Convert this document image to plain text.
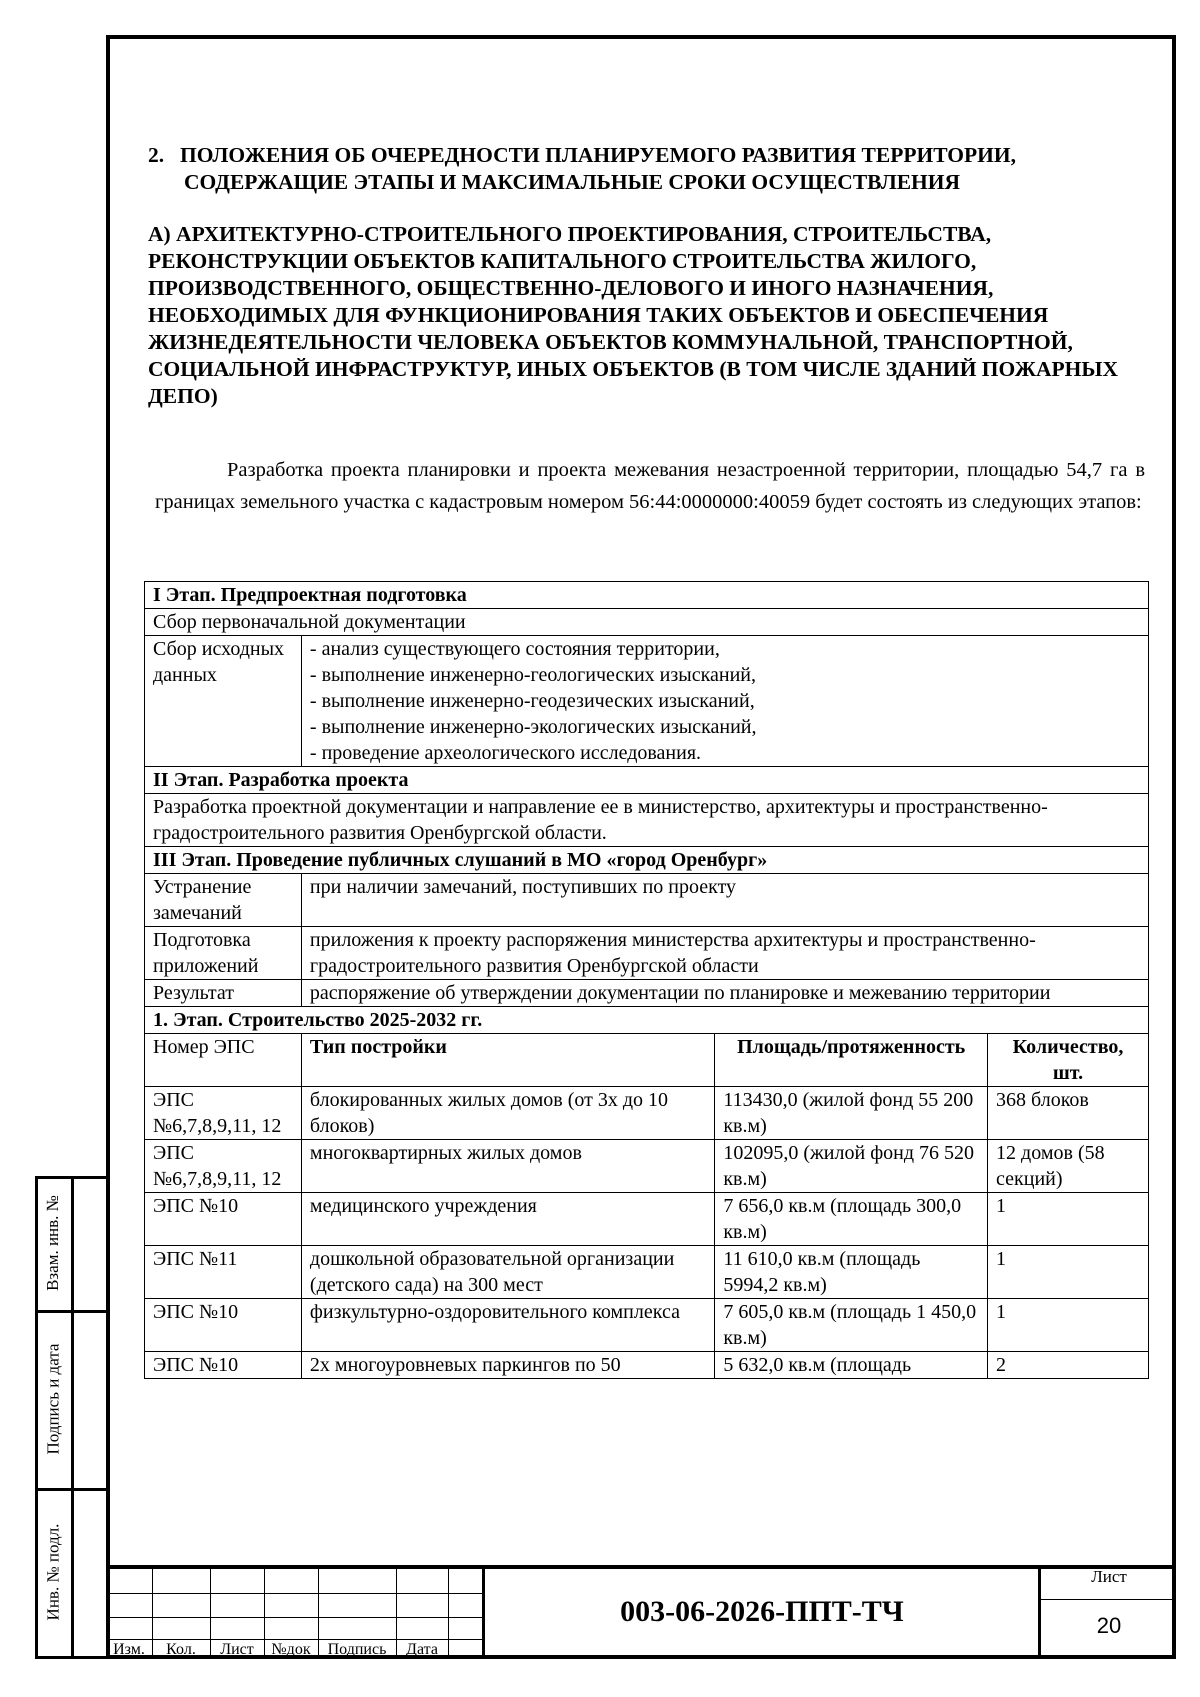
Взам. инв. №
Подпись и дата
Инв. № подл.
2. ПОЛОЖЕНИЯ ОБ ОЧЕРЕДНОСТИ ПЛАНИРУЕМОГО РАЗВИТИЯ ТЕРРИТОРИИ,
СОДЕРЖАЩИЕ ЭТАПЫ И МАКСИМАЛЬНЫЕ СРОКИ ОСУЩЕСТВЛЕНИЯ
А) АРХИТЕКТУРНО-СТРОИТЕЛЬНОГО ПРОЕКТИРОВАНИЯ, СТРОИТЕЛЬСТВА, РЕКОНСТРУКЦИИ ОБЪЕКТОВ КАПИТАЛЬНОГО СТРОИТЕЛЬСТВА ЖИЛОГО, ПРОИЗВОДСТВЕННОГО, ОБЩЕСТВЕННО-ДЕЛОВОГО И ИНОГО НАЗНАЧЕНИЯ, НЕОБХОДИМЫХ ДЛЯ ФУНКЦИОНИРОВАНИЯ ТАКИХ ОБЪЕКТОВ И ОБЕСПЕЧЕНИЯ ЖИЗНЕДЕЯТЕЛЬНОСТИ ЧЕЛОВЕКА ОБЪЕКТОВ КОММУНАЛЬНОЙ, ТРАНСПОРТНОЙ, СОЦИАЛЬНОЙ ИНФРАСТРУКТУР, ИНЫХ ОБЪЕКТОВ (В ТОМ ЧИСЛЕ ЗДАНИЙ ПОЖАРНЫХ ДЕПО)

Разработка проекта планировки и проекта межевания незастроенной территории, площадью 54,7 га в границах земельного участка с кадастровым номером 56:44:0000000:40059 будет состоять из следующих этапов:

I Этап. Предпроектная подготовка			
Сбор первоначальной документации			
Сбор исходных данных	- анализ существующего состояния территории,
- выполнение инженерно-геологических изысканий,
- выполнение инженерно-геодезических изысканий,
- выполнение инженерно-экологических изысканий,
- проведение археологического исследования.		

II Этап. Разработка проекта			
Разработка проектной документации и направление ее в министерство, архитектуры и пространственно-градостроительного развития Оренбургской области.			
III Этап. Проведение публичных слушаний в МО «город Оренбург»			
Устранение замечаний	при наличии замечаний, поступивших по проекту		
Подготовка приложений	приложения к проекту распоряжения министерства архитектуры и пространственно-градостроительного развития Оренбургской области		
Результат	распоряжение об утверждении документации по планировке и межеванию территории		
1. Этап. Строительство 2025-2032 гг.			
Номер ЭПС	Тип постройки	Площадь/протяженность	Количество, шт.
ЭПС №6,7,8,9,11, 12	блокированных жилых домов (от 3х до 10 блоков)	113430,0 (жилой фонд 55 200 кв.м)	368 блоков
ЭПС №6,7,8,9,11, 12	многоквартирных жилых домов	102095,0 (жилой фонд 76 520 кв.м)	12 домов (58 секций)
ЭПС №10	медицинского учреждения	7 656,0 кв.м (площадь 300,0 кв.м)	1
ЭПС №11	дошкольной образовательной организации (детского сада) на 300 мест	11 610,0 кв.м (площадь 5994,2 кв.м)	1
ЭПС №10	физкультурно-оздоровительного комплекса	7 605,0 кв.м (площадь 1 450,0 кв.м)	1
ЭПС №10	2х многоуровневых паркингов по 50	5 632,0 кв.м (площадь	2
Изм.	Кол.	Лист	№док	Подпись	Дата
003-06-2026-ППТ-ТЧ
Лист
20
